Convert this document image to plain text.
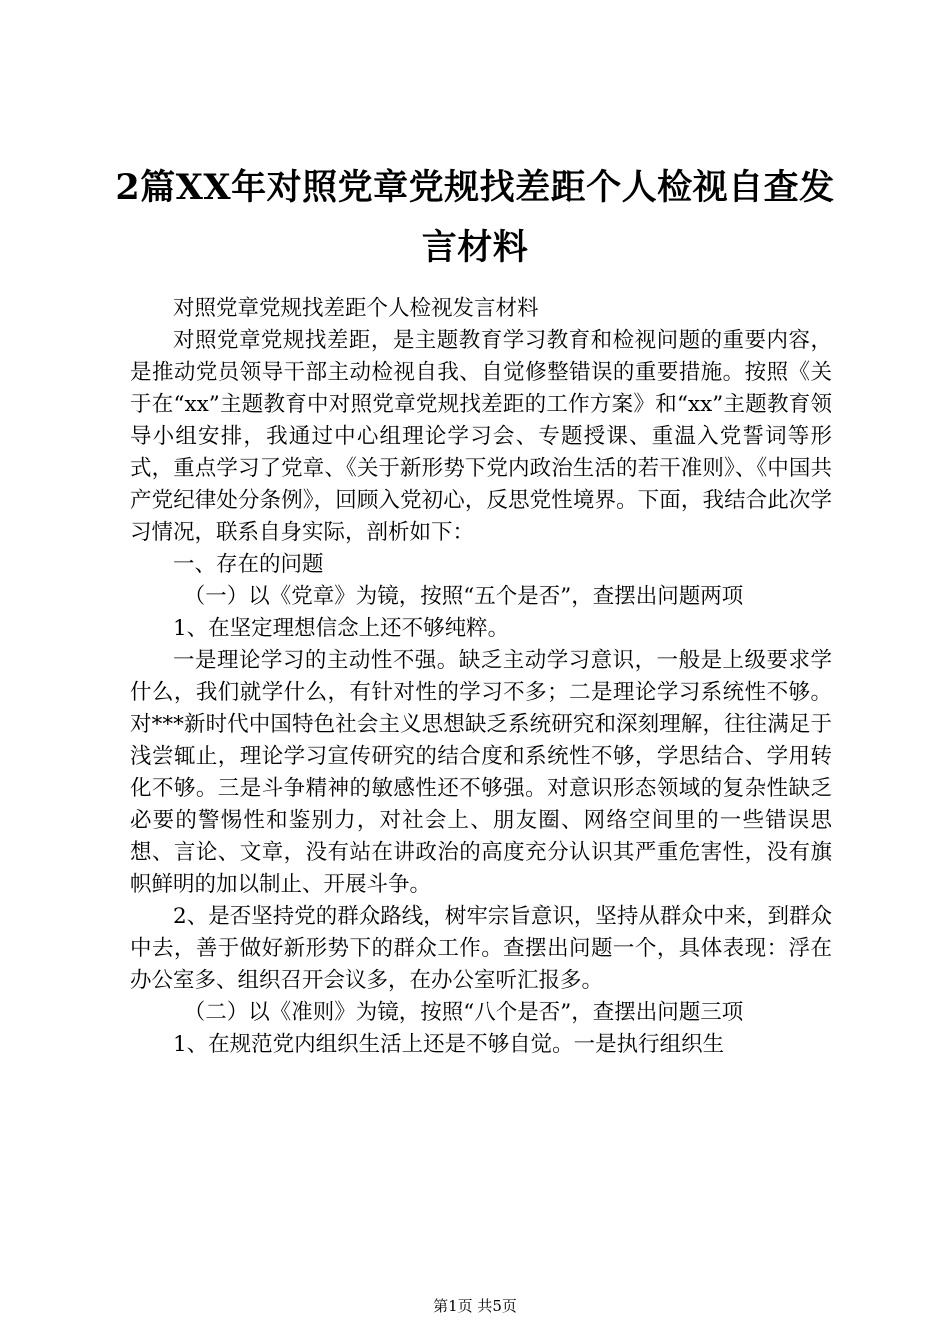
2篇XX年对照党章党规找差距个人检视自查发言材料

对照党章党规找差距个人检视发言材料

对照党章党规找差距，是主题教育学习教育和检视问题的重要内容，是推动党员领导干部主动检视自我、自觉修整错误的重要措施。按照《关于在“xx”主题教育中对照党章党规找差距的工作方案》和“xx”主题教育领导小组安排，我通过中心组理论学习会、专题授课、重温入党誓词等形式，重点学习了党章、《关于新形势下党内政治生活的若干准则》、《中国共产党纪律处分条例》，回顾入党初心，反思党性境界。下面，我结合此次学习情况，联系自身实际，剖析如下：

一、存在的问题

（一）以《党章》为镜，按照“五个是否”，查摆出问题两项

1、在坚定理想信念上还不够纯粹。

一是理论学习的主动性不强。缺乏主动学习意识，一般是上级要求学什么，我们就学什么，有针对性的学习不多；二是理论学习系统性不够。对***新时代中国特色社会主义思想缺乏系统研究和深刻理解，往往满足于浅尝辄止，理论学习宣传研究的结合度和系统性不够，学思结合、学用转化不够。三是斗争精神的敏感性还不够强。对意识形态领域的复杂性缺乏必要的警惕性和鉴别力，对社会上、朋友圈、网络空间里的一些错误思想、言论、文章，没有站在讲政治的高度充分认识其严重危害性，没有旗帜鲜明的加以制止、开展斗争。

2、是否坚持党的群众路线，树牢宗旨意识，坚持从群众中来，到群众中去，善于做好新形势下的群众工作。查摆出问题一个，具体表现：浮在办公室多、组织召开会议多，在办公室听汇报多。

（二）以《准则》为镜，按照“八个是否”，查摆出问题三项

1、在规范党内组织生活上还是不够自觉。一是执行组织生

第1页 共5页
